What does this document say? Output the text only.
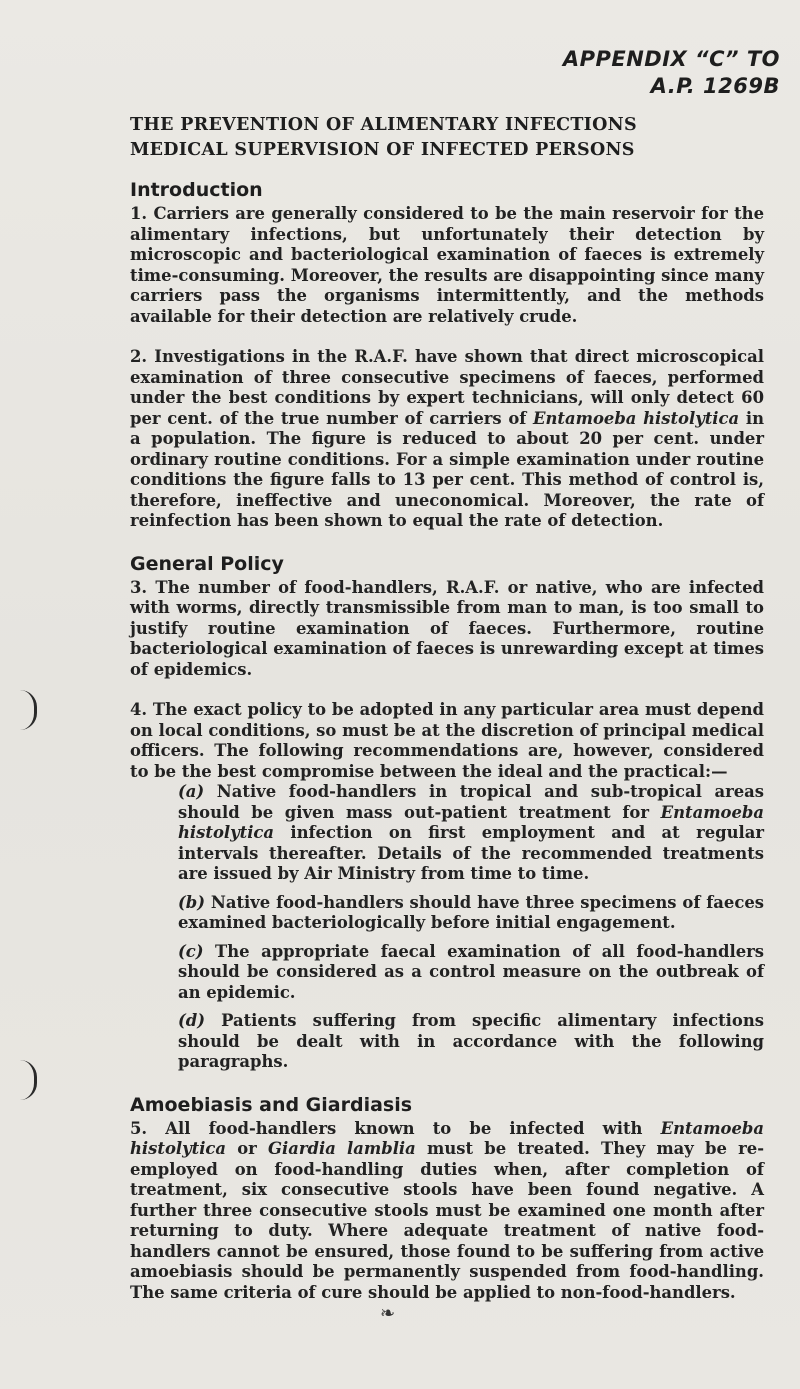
APPENDIX “C” TO
A.P. 1269B
THE PREVENTION OF ALIMENTARY INFECTIONS
MEDICAL SUPERVISION OF INFECTED PERSONS
Introduction

1. Carriers are generally considered to be the main reservoir for the alimentary infections, but unfortunately their detection by microscopic and bacteriological examination of faeces is extremely time-consuming. Moreover, the results are disappointing since many carriers pass the organisms intermittently, and the methods available for their detection are relatively crude.

2. Investigations in the R.A.F. have shown that direct microscopical examination of three consecutive specimens of faeces, performed under the best conditions by expert technicians, will only detect 60 per cent. of the true number of carriers of Entamoeba histolytica in a population. The figure is reduced to about 20 per cent. under ordinary routine conditions. For a simple examination under routine conditions the figure falls to 13 per cent. This method of control is, therefore, ineffective and uneconomical. Moreover, the rate of reinfection has been shown to equal the rate of detection.

General Policy

3. The number of food-handlers, R.A.F. or native, who are infected with worms, directly transmissible from man to man, is too small to justify routine examination of faeces. Furthermore, routine bacteriological examination of faeces is unrewarding except at times of epidemics.

4. The exact policy to be adopted in any particular area must depend on local conditions, so must be at the discretion of principal medical officers. The following recommendations are, however, considered to be the best compromise between the ideal and the practical:—

(a) Native food-handlers in tropical and sub-tropical areas should be given mass out-patient treatment for Entamoeba histolytica infection on first employment and at regular intervals thereafter. Details of the recommended treatments are issued by Air Ministry from time to time.

(b) Native food-handlers should have three specimens of faeces examined bacteriologically before initial engagement.

(c) The appropriate faecal examination of all food-handlers should be considered as a control measure on the outbreak of an epidemic.

(d) Patients suffering from specific alimentary infections should be dealt with in accordance with the following paragraphs.

Amoebiasis and Giardiasis

5. All food-handlers known to be infected with Entamoeba histolytica or Giardia lamblia must be treated. They may be re-employed on food-handling duties when, after completion of treatment, six consecutive stools have been found negative. A further three consecutive stools must be examined one month after returning to duty. Where adequate treatment of native food-handlers cannot be ensured, those found to be suffering from active amoebiasis should be permanently suspended from food-handling. The same criteria of cure should be applied to non-food-handlers.

❧
